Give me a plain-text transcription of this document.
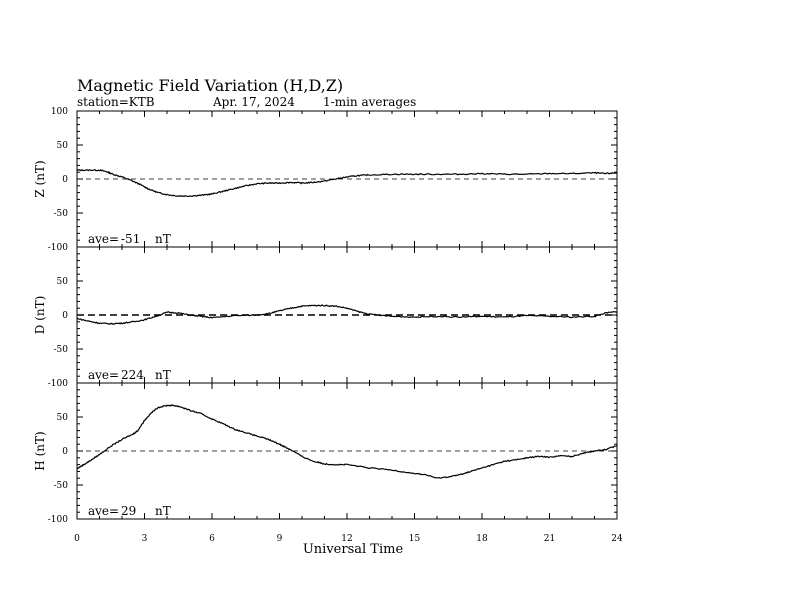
Magnetic Field Variation (H,D,Z)
station=KTB	Apr. 17, 2024 1-min averages
100
50
0
-50
-100
Z (nT)
ave= -51 nT
50
0
-50
-100
D (nT)
ave= 224 nT
50
0
-50
-100
H (nT)
ave= 29 nT
0	3	6	9	12	15	18	21	24
Universal Time
